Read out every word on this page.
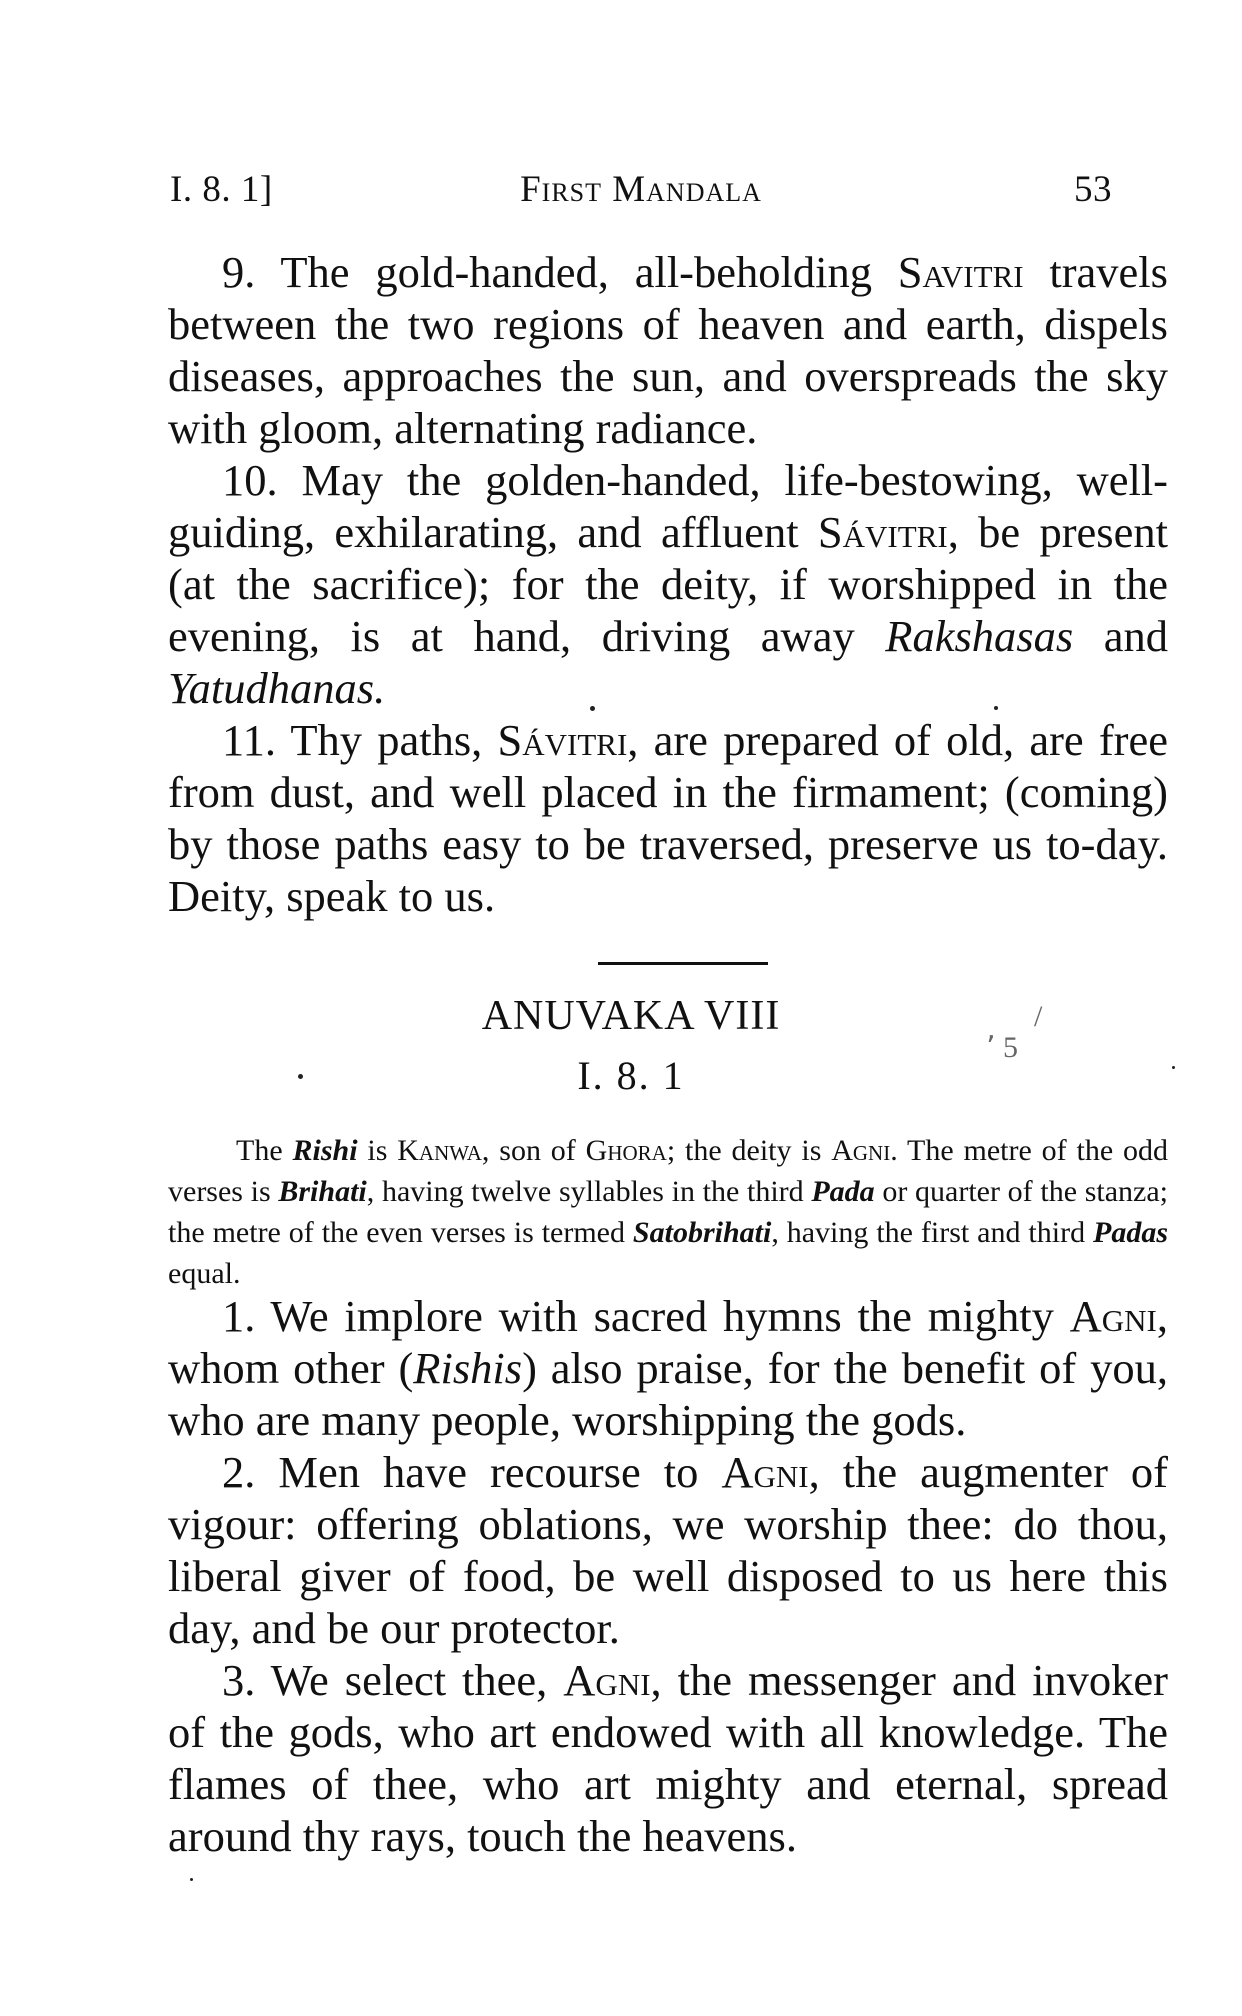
I. 8. 1]	First Mandala	53

9. The gold-handed, all-beholding Savitri travels between the two regions of heaven and earth, dispels diseases, approaches the sun, and overspreads the sky with gloom, alternating radiance.

10. May the golden-handed, life-bestowing, well-guiding, exhilarating, and affluent Sávitri, be present (at the sacrifice); for the deity, if worshipped in the evening, is at hand, driving away Rakshasas and Yatudhanas.

11. Thy paths, Sávitri, are prepared of old, are free from dust, and well placed in the firmament; (coming) by those paths easy to be traversed, preserve us to-day. Deity, speak to us.

ANUVAKA VIII
I. 8. 1
/
٬ 5

The Rishi is Kanwa, son of Ghora; the deity is Agni. The metre of the odd verses is Brihati, having twelve syllables in the third Pada or quarter of the stanza; the metre of the even verses is termed Satobrihati, having the first and third Padas equal.

1. We implore with sacred hymns the mighty Agni, whom other (Rishis) also praise, for the benefit of you, who are many people, worshipping the gods.

2. Men have recourse to Agni, the augmenter of vigour: offering oblations, we worship thee: do thou, liberal giver of food, be well disposed to us here this day, and be our protector.

3. We select thee, Agni, the messenger and invoker of the gods, who art endowed with all knowledge. The flames of thee, who art mighty and eternal, spread around thy rays, touch the heavens.
